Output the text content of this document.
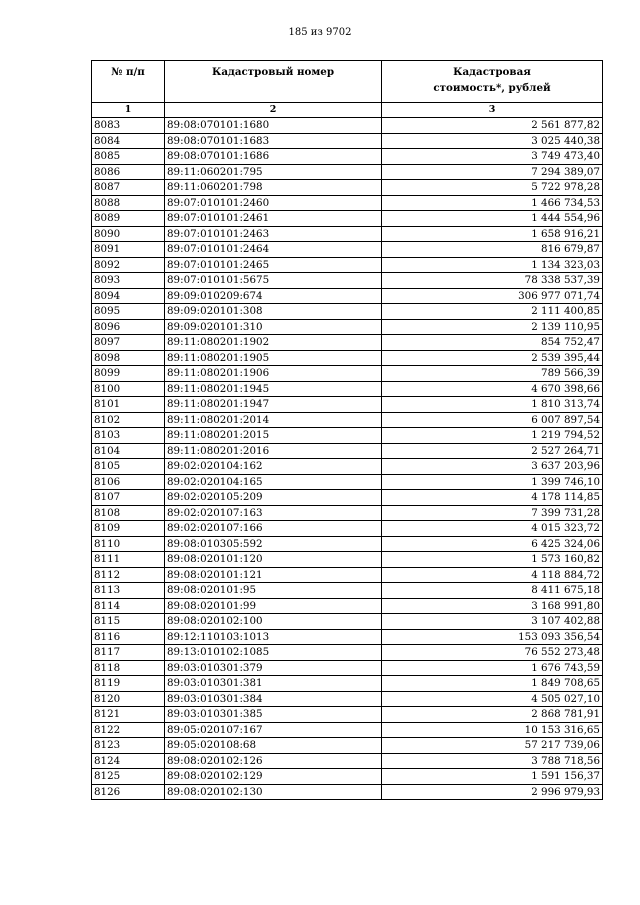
185 из 9702
№ п/п	Кадастровый номер	Кадастровая стоимость*, рублей
1	2	3
8083	89:08:070101:1680	2 561 877,82
8084	89:08:070101:1683	3 025 440,38
8085	89:08:070101:1686	3 749 473,40
8086	89:11:060201:795	7 294 389,07
8087	89:11:060201:798	5 722 978,28
8088	89:07:010101:2460	1 466 734,53
8089	89:07:010101:2461	1 444 554,96
8090	89:07:010101:2463	1 658 916,21
8091	89:07:010101:2464	816 679,87
8092	89:07:010101:2465	1 134 323,03
8093	89:07:010101:5675	78 338 537,39
8094	89:09:010209:674	306 977 071,74
8095	89:09:020101:308	2 111 400,85
8096	89:09:020101:310	2 139 110,95
8097	89:11:080201:1902	854 752,47
8098	89:11:080201:1905	2 539 395,44
8099	89:11:080201:1906	789 566,39
8100	89:11:080201:1945	4 670 398,66
8101	89:11:080201:1947	1 810 313,74
8102	89:11:080201:2014	6 007 897,54
8103	89:11:080201:2015	1 219 794,52
8104	89:11:080201:2016	2 527 264,71
8105	89:02:020104:162	3 637 203,96
8106	89:02:020104:165	1 399 746,10
8107	89:02:020105:209	4 178 114,85
8108	89:02:020107:163	7 399 731,28
8109	89:02:020107:166	4 015 323,72
8110	89:08:010305:592	6 425 324,06
8111	89:08:020101:120	1 573 160,82
8112	89:08:020101:121	4 118 884,72
8113	89:08:020101:95	8 411 675,18
8114	89:08:020101:99	3 168 991,80
8115	89:08:020102:100	3 107 402,88
8116	89:12:110103:1013	153 093 356,54
8117	89:13:010102:1085	76 552 273,48
8118	89:03:010301:379	1 676 743,59
8119	89:03:010301:381	1 849 708,65
8120	89:03:010301:384	4 505 027,10
8121	89:03:010301:385	2 868 781,91
8122	89:05:020107:167	10 153 316,65
8123	89:05:020108:68	57 217 739,06
8124	89:08:020102:126	3 788 718,56
8125	89:08:020102:129	1 591 156,37
8126	89:08:020102:130	2 996 979,93
